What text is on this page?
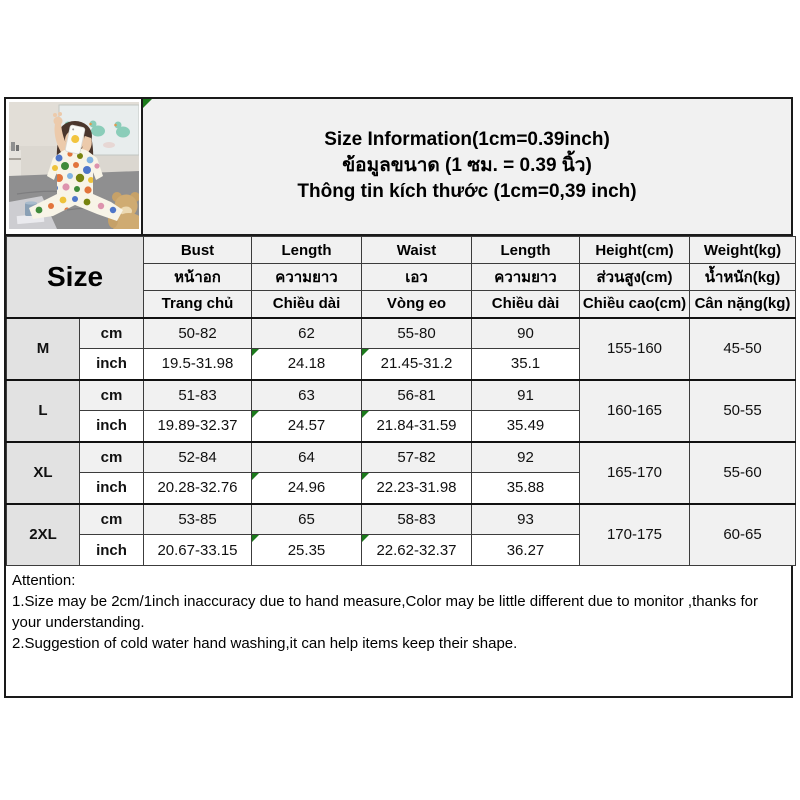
Size Information(1cm=0.39inch)
ข้อมูลขนาด (1 ซม. = 0.39 นิ้ว)
Thông tin kích thước (1cm=0,39 inch)
Size		Bust	Length	Waist	Length	Height(cm)	Weight(kg)
		หน้าอก	ความยาว	เอว	ความยาว	ส่วนสูง(cm)	น้ำหนัก(kg)
		Trang chủ	Chiều dài	Vòng eo	Chiều dài	Chiều cao(cm)	Cân nặng(kg)
M	cm	50-82	62	55-80	90	155-160	45-50
	inch	19.5-31.98	24.18	21.45-31.2	35.1		
L	cm	51-83	63	56-81	91	160-165	50-55
	inch	19.89-32.37	24.57	21.84-31.59	35.49		
XL	cm	52-84	64	57-82	92	165-170	55-60
	inch	20.28-32.76	24.96	22.23-31.98	35.88		
2XL	cm	53-85	65	58-83	93	170-175	60-65
	inch	20.67-33.15	25.35	22.62-32.37	36.27		
Attention:
1.Size may be 2cm/1inch inaccuracy due to hand measure,Color may be little different due to monitor ,thanks for your understanding.
2.Suggestion of cold water hand washing,it can help items keep their shape.
